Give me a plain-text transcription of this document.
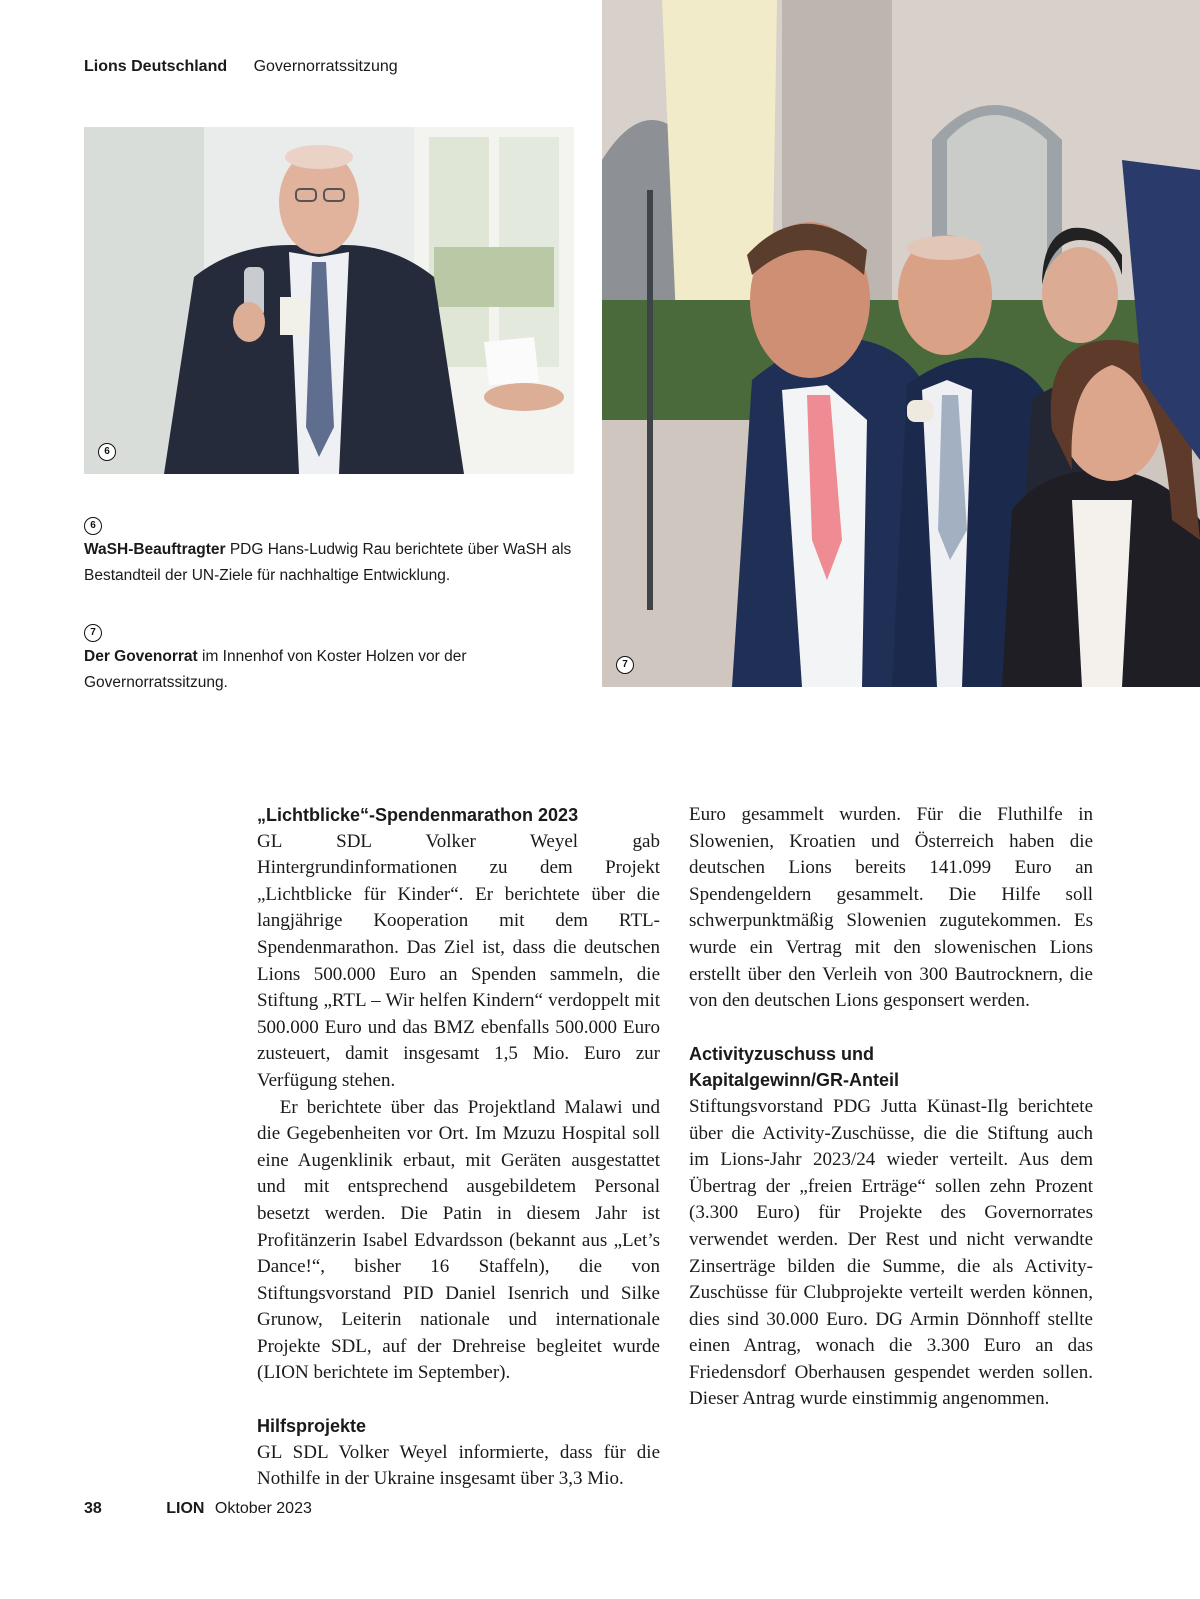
Lions Deutschland Governorratssitzung
6
7
6
WaSH-Beauftragter PDG Hans-Ludwig Rau berichtete über WaSH als Bestandteil der UN-Ziele für nachhaltige Entwicklung.
7
Der Govenorrat im Innenhof von Koster Holzen vor der Governorratssitzung.
„Lichtblicke“-Spendenmarathon 2023

GL SDL Volker Weyel gab Hintergrundinformationen zu dem Projekt „Lichtblicke für Kinder“. Er berichtete über die langjährige Kooperation mit dem RTL-Spendenmarathon. Das Ziel ist, dass die deutschen Lions 500.000 Euro an Spenden sammeln, die Stiftung „RTL – Wir helfen Kindern“ verdoppelt mit 500.000 Euro und das BMZ ebenfalls 500.000 Euro zusteuert, damit insgesamt 1,5 Mio. Euro zur Verfügung stehen.

Er berichtete über das Projektland Malawi und die Gegebenheiten vor Ort. Im Mzuzu Hospital soll eine Augenklinik erbaut, mit Geräten ausgestattet und mit entsprechend ausgebildetem Personal besetzt werden. Die Patin in diesem Jahr ist Profitänzerin Isabel Edvardsson (bekannt aus „Let’s Dance!“, bisher 16 Staffeln), die von Stiftungsvorstand PID Daniel Isenrich und Silke Grunow, Leiterin nationale und internationale Projekte SDL, auf der Drehreise begleitet wurde (LION berichtete im September).

Hilfsprojekte

GL SDL Volker Weyel informierte, dass für die Nothilfe in der Ukraine insgesamt über 3,3 Mio.

Euro gesammelt wurden. Für die Fluthilfe in Slowenien, Kroatien und Österreich haben die deutschen Lions bereits 141.099 Euro an Spendengeldern gesammelt. Die Hilfe soll schwerpunktmäßig Slowenien zugutekommen. Es wurde ein Vertrag mit den slowenischen Lions erstellt über den Verleih von 300 Bautrocknern, die von den deutschen Lions gesponsert werden.

Activityzuschuss und
Kapitalgewinn/GR-Anteil

Stiftungsvorstand PDG Jutta Künast-Ilg berichtete über die Activity-Zuschüsse, die die Stiftung auch im Lions-Jahr 2023/24 wieder verteilt. Aus dem Übertrag der „freien Erträge“ sollen zehn Prozent (3.300 Euro) für Projekte des Governorrates verwendet werden. Der Rest und nicht verwandte Zinserträge bilden die Summe, die als Activity-Zuschüsse für Clubprojekte verteilt werden können, dies sind 30.000 Euro. DG Armin Dönnhoff stellte einen Antrag, wonach die 3.300 Euro an das Friedensdorf Oberhausen gespendet werden sollen. Dieser Antrag wurde einstimmig angenommen.

38	LION Oktober 2023
